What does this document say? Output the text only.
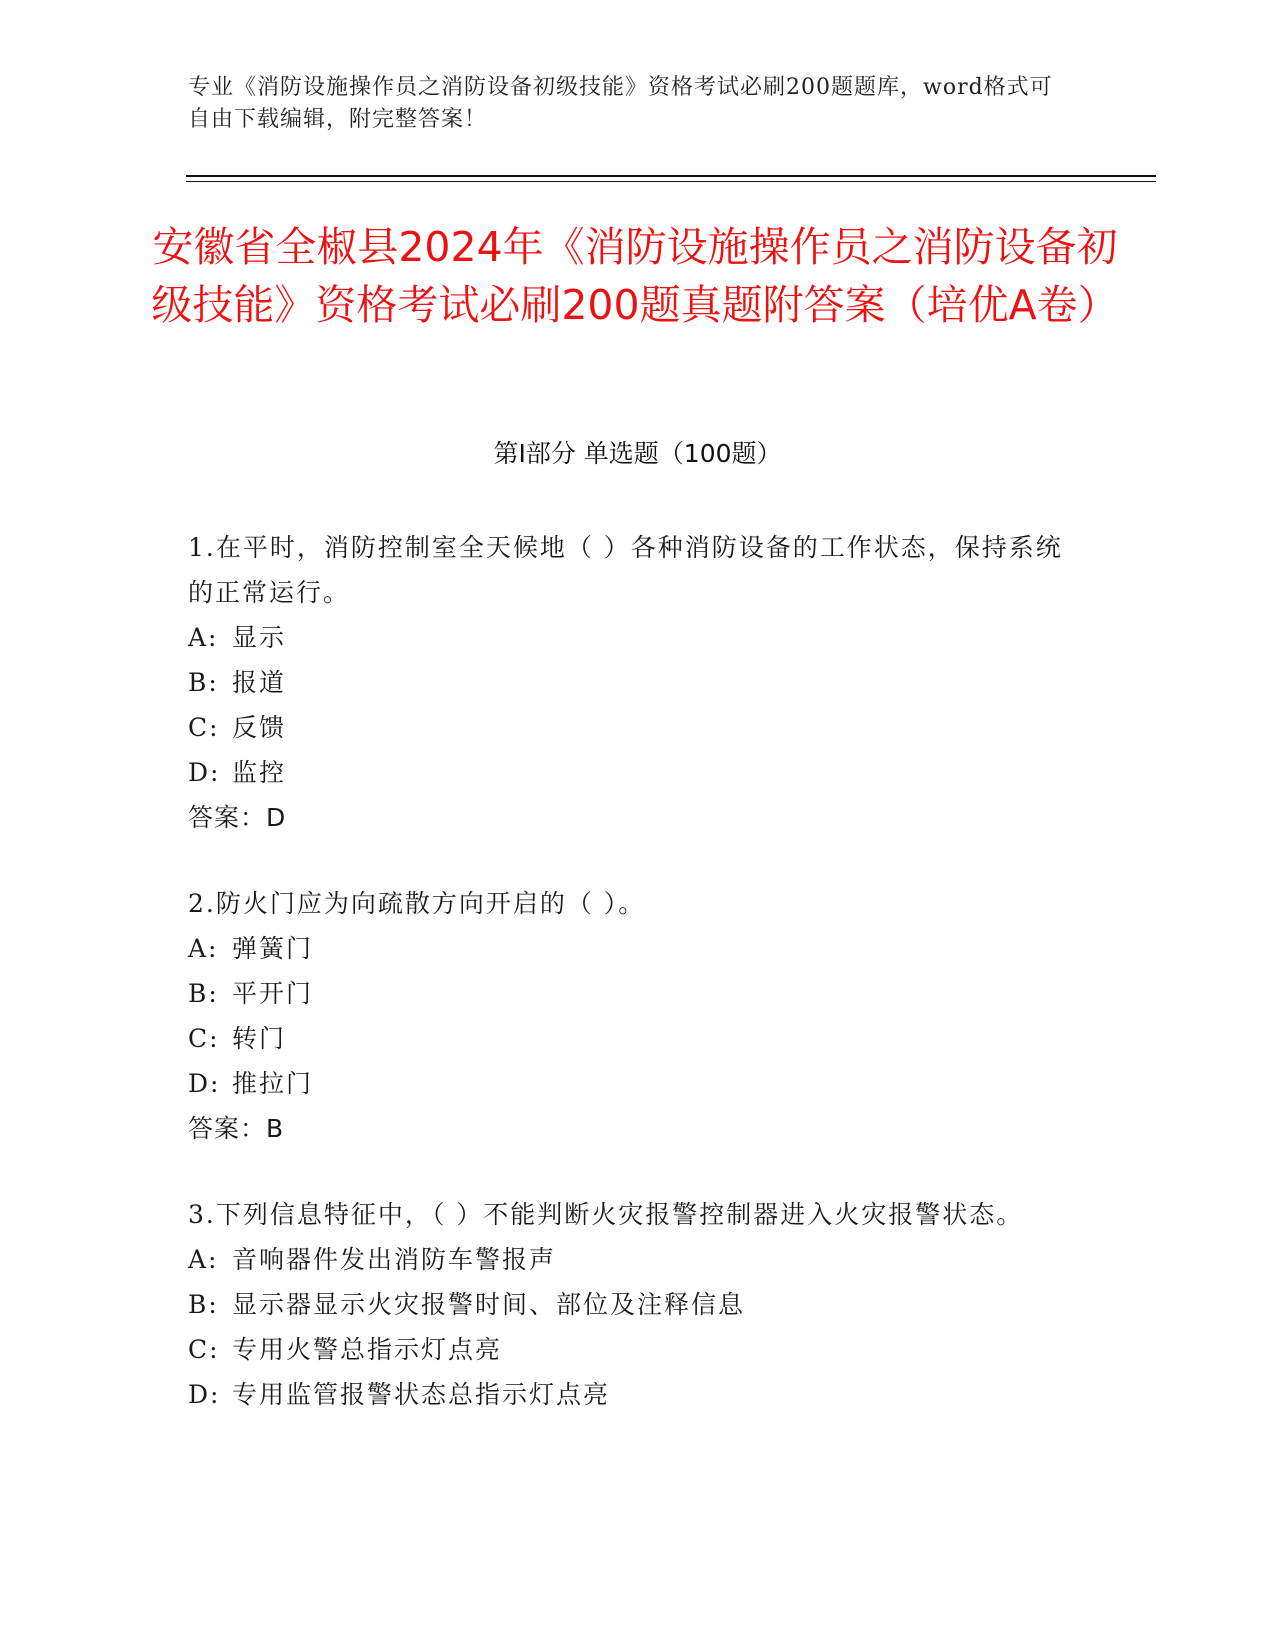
专业《消防设施操作员之消防设备初级技能》资格考试必刷200题题库，word格式可自由下载编辑，附完整答案！
安徽省全椒县2024年《消防设施操作员之消防设备初级技能》资格考试必刷200题真题附答案（培优A卷）
第I部分 单选题（100题）

1.在平时，消防控制室全天候地（ ）各种消防设备的工作状态，保持系统的正常运行。

A: 显示

B: 报道

C: 反馈

D: 监控

答案：D

2.防火门应为向疏散方向开启的（ ）。

A: 弹簧门

B: 平开门

C: 转门

D: 推拉门

答案：B

3.下列信息特征中，（ ）不能判断火灾报警控制器进入火灾报警状态。

A: 音响器件发出消防车警报声

B: 显示器显示火灾报警时间、部位及注释信息

C: 专用火警总指示灯点亮

D: 专用监管报警状态总指示灯点亮
